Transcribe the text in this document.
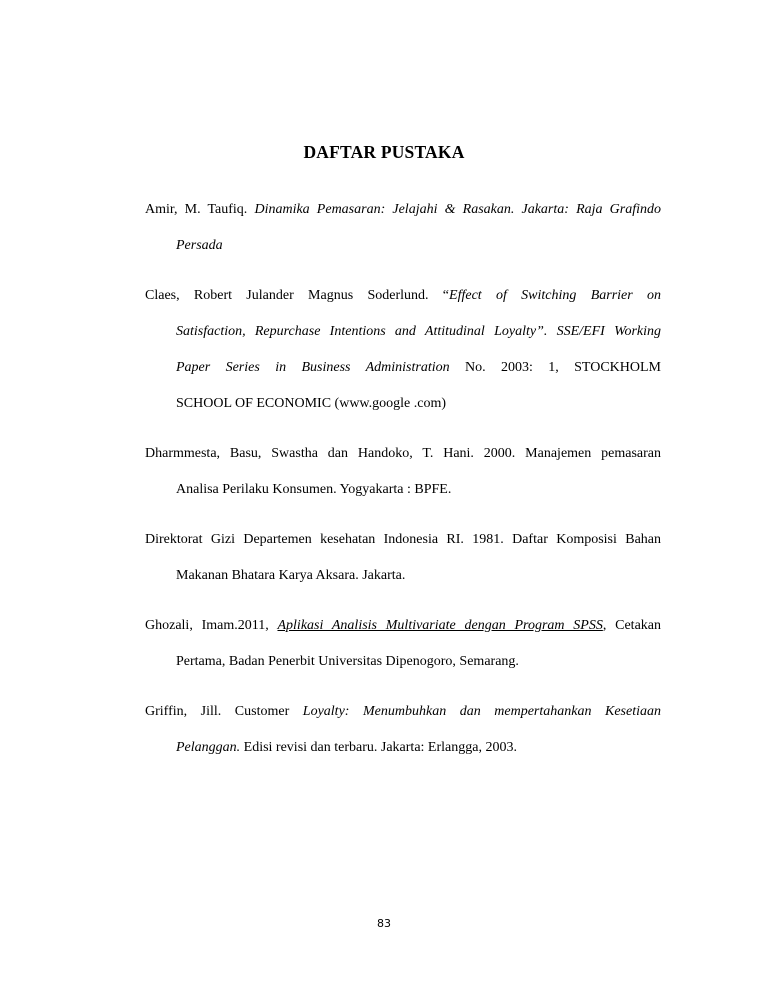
DAFTAR PUSTAKA
Amir, M. Taufiq. Dinamika Pemasaran: Jelajahi & Rasakan. Jakarta: Raja Grafindo
Persada
Claes, Robert Julander Magnus Soderlund. “Effect of Switching Barrier on
Satisfaction, Repurchase Intentions and Attitudinal Loyalty”. SSE/EFI Working
Paper Series in Business Administration No. 2003: 1, STOCKHOLM
SCHOOL OF ECONOMIC (www.google .com)
Dharmmesta, Basu, Swastha dan Handoko, T. Hani. 2000. Manajemen pemasaran
Analisa Perilaku Konsumen. Yogyakarta : BPFE.
Direktorat Gizi Departemen kesehatan Indonesia RI. 1981. Daftar Komposisi Bahan
Makanan Bhatara Karya Aksara. Jakarta.
Ghozali, Imam.2011, Aplikasi Analisis Multivariate dengan Program SPSS, Cetakan
Pertama, Badan Penerbit Universitas Dipenogoro, Semarang.
Griffin, Jill. Customer Loyalty: Menumbuhkan dan mempertahankan Kesetiaan
Pelanggan. Edisi revisi dan terbaru. Jakarta: Erlangga, 2003.
83
